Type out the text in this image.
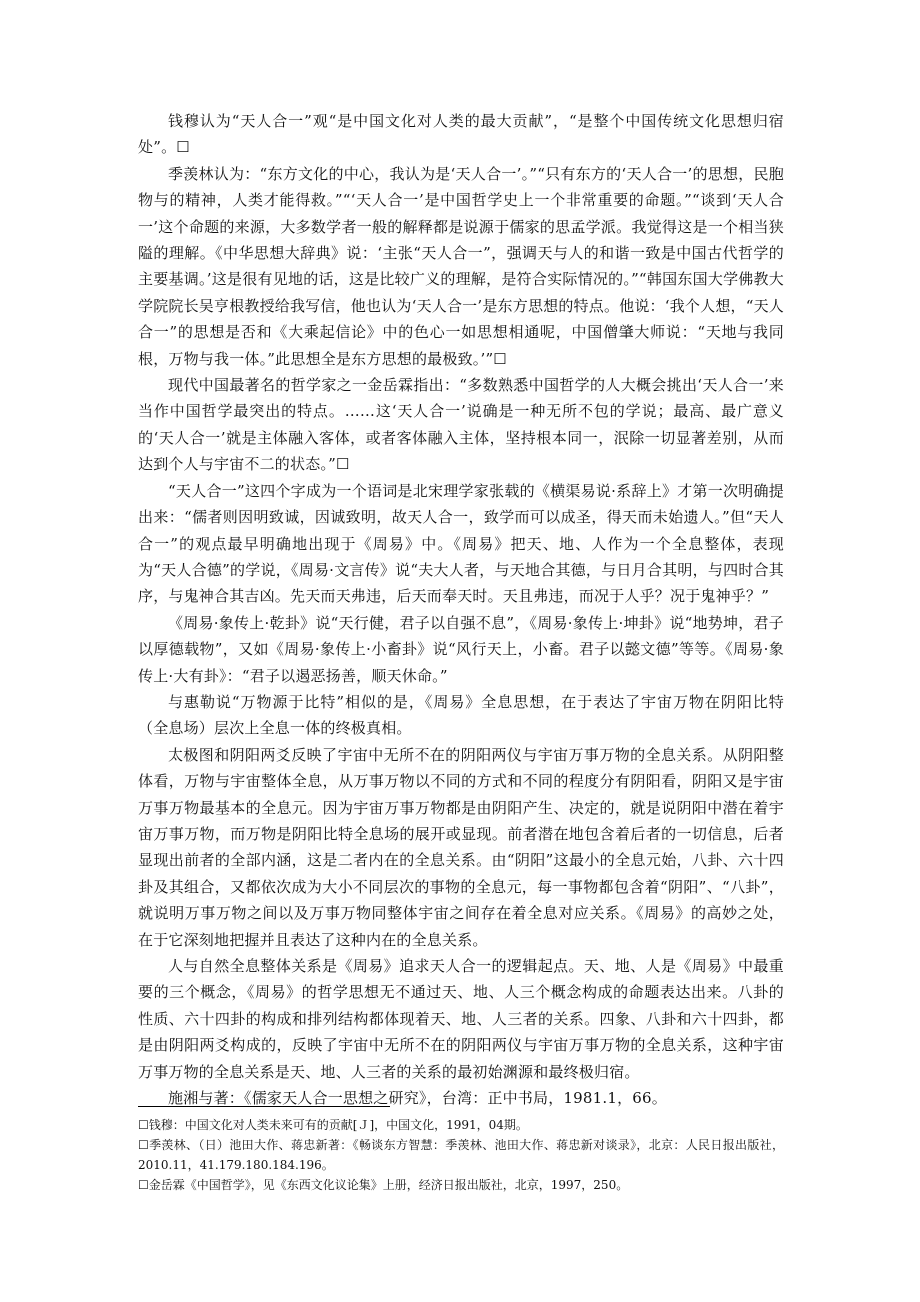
钱穆认为“天人合一”观“是中国文化对人类的最大贡献”，“是整个中国传统文化思想归宿处”。☐

季羡林认为：“东方文化的中心，我认为是‘天人合一’。”“只有东方的‘天人合一’的思想，民胞物与的精神，人类才能得救。”“‘天人合一’是中国哲学史上一个非常重要的命题。”“谈到‘天人合一’这个命题的来源，大多数学者一般的解释都是说源于儒家的思孟学派。我觉得这是一个相当狭隘的理解。《中华思想大辞典》说：‘主张“天人合一”，强调天与人的和谐一致是中国古代哲学的主要基调。’这是很有见地的话，这是比较广义的理解，是符合实际情况的。”“韩国东国大学佛教大学院院长吴亨根教授给我写信，他也认为‘天人合一’是东方思想的特点。他说：‘我个人想，“天人合一”的思想是否和《大乘起信论》中的色心一如思想相通呢，中国僧肇大师说：“天地与我同根，万物与我一体。”此思想全是东方思想的最极致。’”☐

现代中国最著名的哲学家之一金岳霖指出：“多数熟悉中国哲学的人大概会挑出‘天人合一’来当作中国哲学最突出的特点。……这‘天人合一’说确是一种无所不包的学说；最高、最广意义的‘天人合一’就是主体融入客体，或者客体融入主体，坚持根本同一，泯除一切显著差别，从而达到个人与宇宙不二的状态。”☐

“天人合一”这四个字成为一个语词是北宋理学家张载的《横渠易说·系辞上》才第一次明确提出来：“儒者则因明致诚，因诚致明，故天人合一，致学而可以成圣，得天而未始遗人。”但“天人合一”的观点最早明确地出现于《周易》中。《周易》把天、地、人作为一个全息整体，表现为“天人合德”的学说，《周易·文言传》说“夫大人者，与天地合其德，与日月合其明，与四时合其序，与鬼神合其吉凶。先天而天弗违，后天而奉天时。天且弗违，而况于人乎？况于鬼神乎？”

《周易·象传上·乾卦》说“天行健，君子以自强不息”，《周易·象传上·坤卦》说“地势坤，君子以厚德载物”，又如《周易·象传上·小畜卦》说“风行天上，小畜。君子以懿文德”等等。《周易·象传上·大有卦》：“君子以遏恶扬善，顺天休命。”

与惠勒说“万物源于比特”相似的是，《周易》全息思想，在于表达了宇宙万物在阴阳比特（全息场）层次上全息一体的终极真相。

太极图和阴阳两爻反映了宇宙中无所不在的阴阳两仪与宇宙万事万物的全息关系。从阴阳整体看，万物与宇宙整体全息，从万事万物以不同的方式和不同的程度分有阴阳看，阴阳又是宇宙万事万物最基本的全息元。因为宇宙万事万物都是由阴阳产生、决定的，就是说阴阳中潜在着宇宙万事万物，而万物是阴阳比特全息场的展开或显现。前者潜在地包含着后者的一切信息，后者显现出前者的全部内涵，这是二者内在的全息关系。由“阴阳”这最小的全息元始，八卦、六十四卦及其组合，又都依次成为大小不同层次的事物的全息元，每一事物都包含着“阴阳”、“八卦”，就说明万事万物之间以及万事万物同整体宇宙之间存在着全息对应关系。《周易》的高妙之处，在于它深刻地把握并且表达了这种内在的全息关系。

人与自然全息整体关系是《周易》追求天人合一的逻辑起点。天、地、人是《周易》中最重要的三个概念，《周易》的哲学思想无不通过天、地、人三个概念构成的命题表达出来。八卦的性质、六十四卦的构成和排列结构都体现着天、地、人三者的关系。四象、八卦和六十四卦，都是由阴阳两爻构成的，反映了宇宙中无所不在的阴阳两仪与宇宙万事万物的全息关系，这种宇宙万事万物的全息关系是天、地、人三者的关系的最初始渊源和最终极归宿。

施湘与著：《儒家天人合一思想之研究》，台湾：正中书局，1981.1，66。

☐钱穆：中国文化对人类未来可有的贡献[Ｊ]，中国文化，1991，04期。

☐季羡林、（日）池田大作、蒋忠新著：《畅谈东方智慧：季羡林、池田大作、蒋忠新对谈录》，北京：人民日报出版社，2010.11，41.179.180.184.196。

☐金岳霖《中国哲学》，见《东西文化议论集》上册，经济日报出版社，北京，1997，250。
